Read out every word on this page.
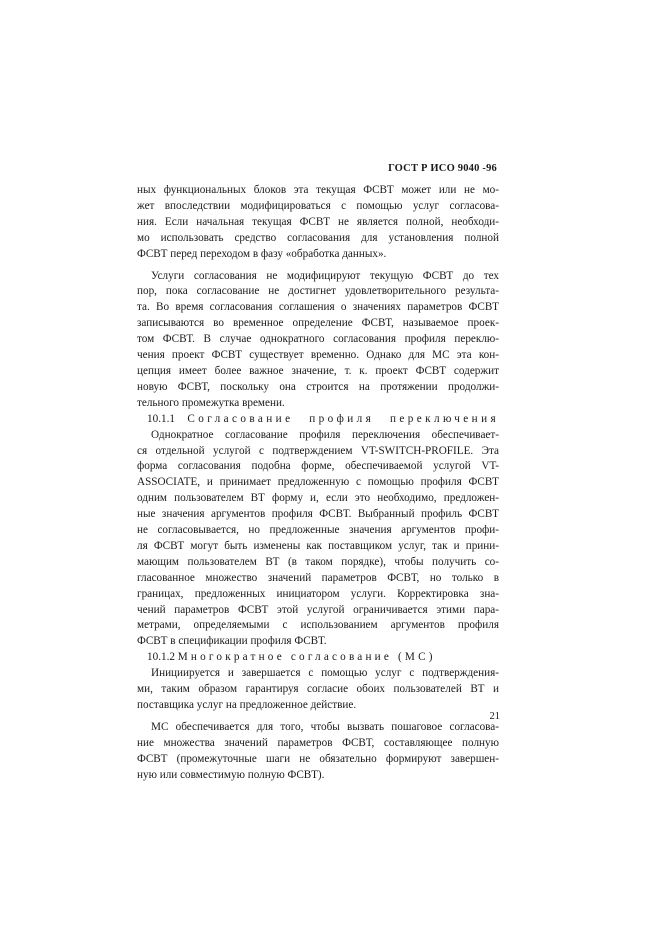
ГОСТ Р ИСО 9040 -96

ных функциональных блоков эта текущая ФСВТ может или не мо-

жет впоследствии модифицироваться с помощью услуг согласова-

ния. Если начальная текущая ФСВТ не является полной, необходи-

мо использовать средство согласования для установления полной

ФСВТ перед переходом в фазу «обработка данных».

Услуги согласования не модифицируют текущую ФСВТ до тех

пор, пока согласование не достигнет удовлетворительного результа-

та. Во время согласования соглашения о значениях параметров ФСВТ

записываются во временное определение ФСВТ, называемое проек-

том ФСВТ. В случае однократного согласования профиля переклю-

чения проект ФСВТ существует временно. Однако для МС эта кон-

цепция имеет более важное значение, т. к. проект ФСВТ содержит

новую ФСВТ, поскольку она строится на протяжении продолжи-

тельного промежутка времени.

10.1.1 Согласование профиля переключения

Однократное согласование профиля переключения обеспечивает-

ся отдельной услугой с подтверждением VT-SWITCH-PROFILE. Эта

форма согласования подобна форме, обеспечиваемой услугой VT-

ASSOCIATE, и принимает предложенную с помощью профиля ФСВТ

одним пользователем ВТ форму и, если это необходимо, предложен-

ные значения аргументов профиля ФСВТ. Выбранный профиль ФСВТ

не согласовывается, но предложенные значения аргументов профи-

ля ФСВТ могут быть изменены как поставщиком услуг, так и прини-

мающим пользователем ВТ (в таком порядке), чтобы получить со-

гласованное множество значений параметров ФСВТ, но только в

границах, предложенных инициатором услуги. Корректировка зна-

чений параметров ФСВТ этой услугой ограничивается этими пара-

метрами, определяемыми с использованием аргументов профиля

ФСВТ в спецификации профиля ФСВТ.

10.1.2 Многократное согласование (МС)

Инициируется и завершается с помощью услуг с подтверждения-

ми, таким образом гарантируя согласие обоих пользователей ВТ и

поставщика услуг на предложенное действие.

МС обеспечивается для того, чтобы вызвать пошаговое согласова-

ние множества значений параметров ФСВТ, составляющее полную

ФСВТ (промежуточные шаги не обязательно формируют завершен-

ную или совместимую полную ФСВТ).

21
